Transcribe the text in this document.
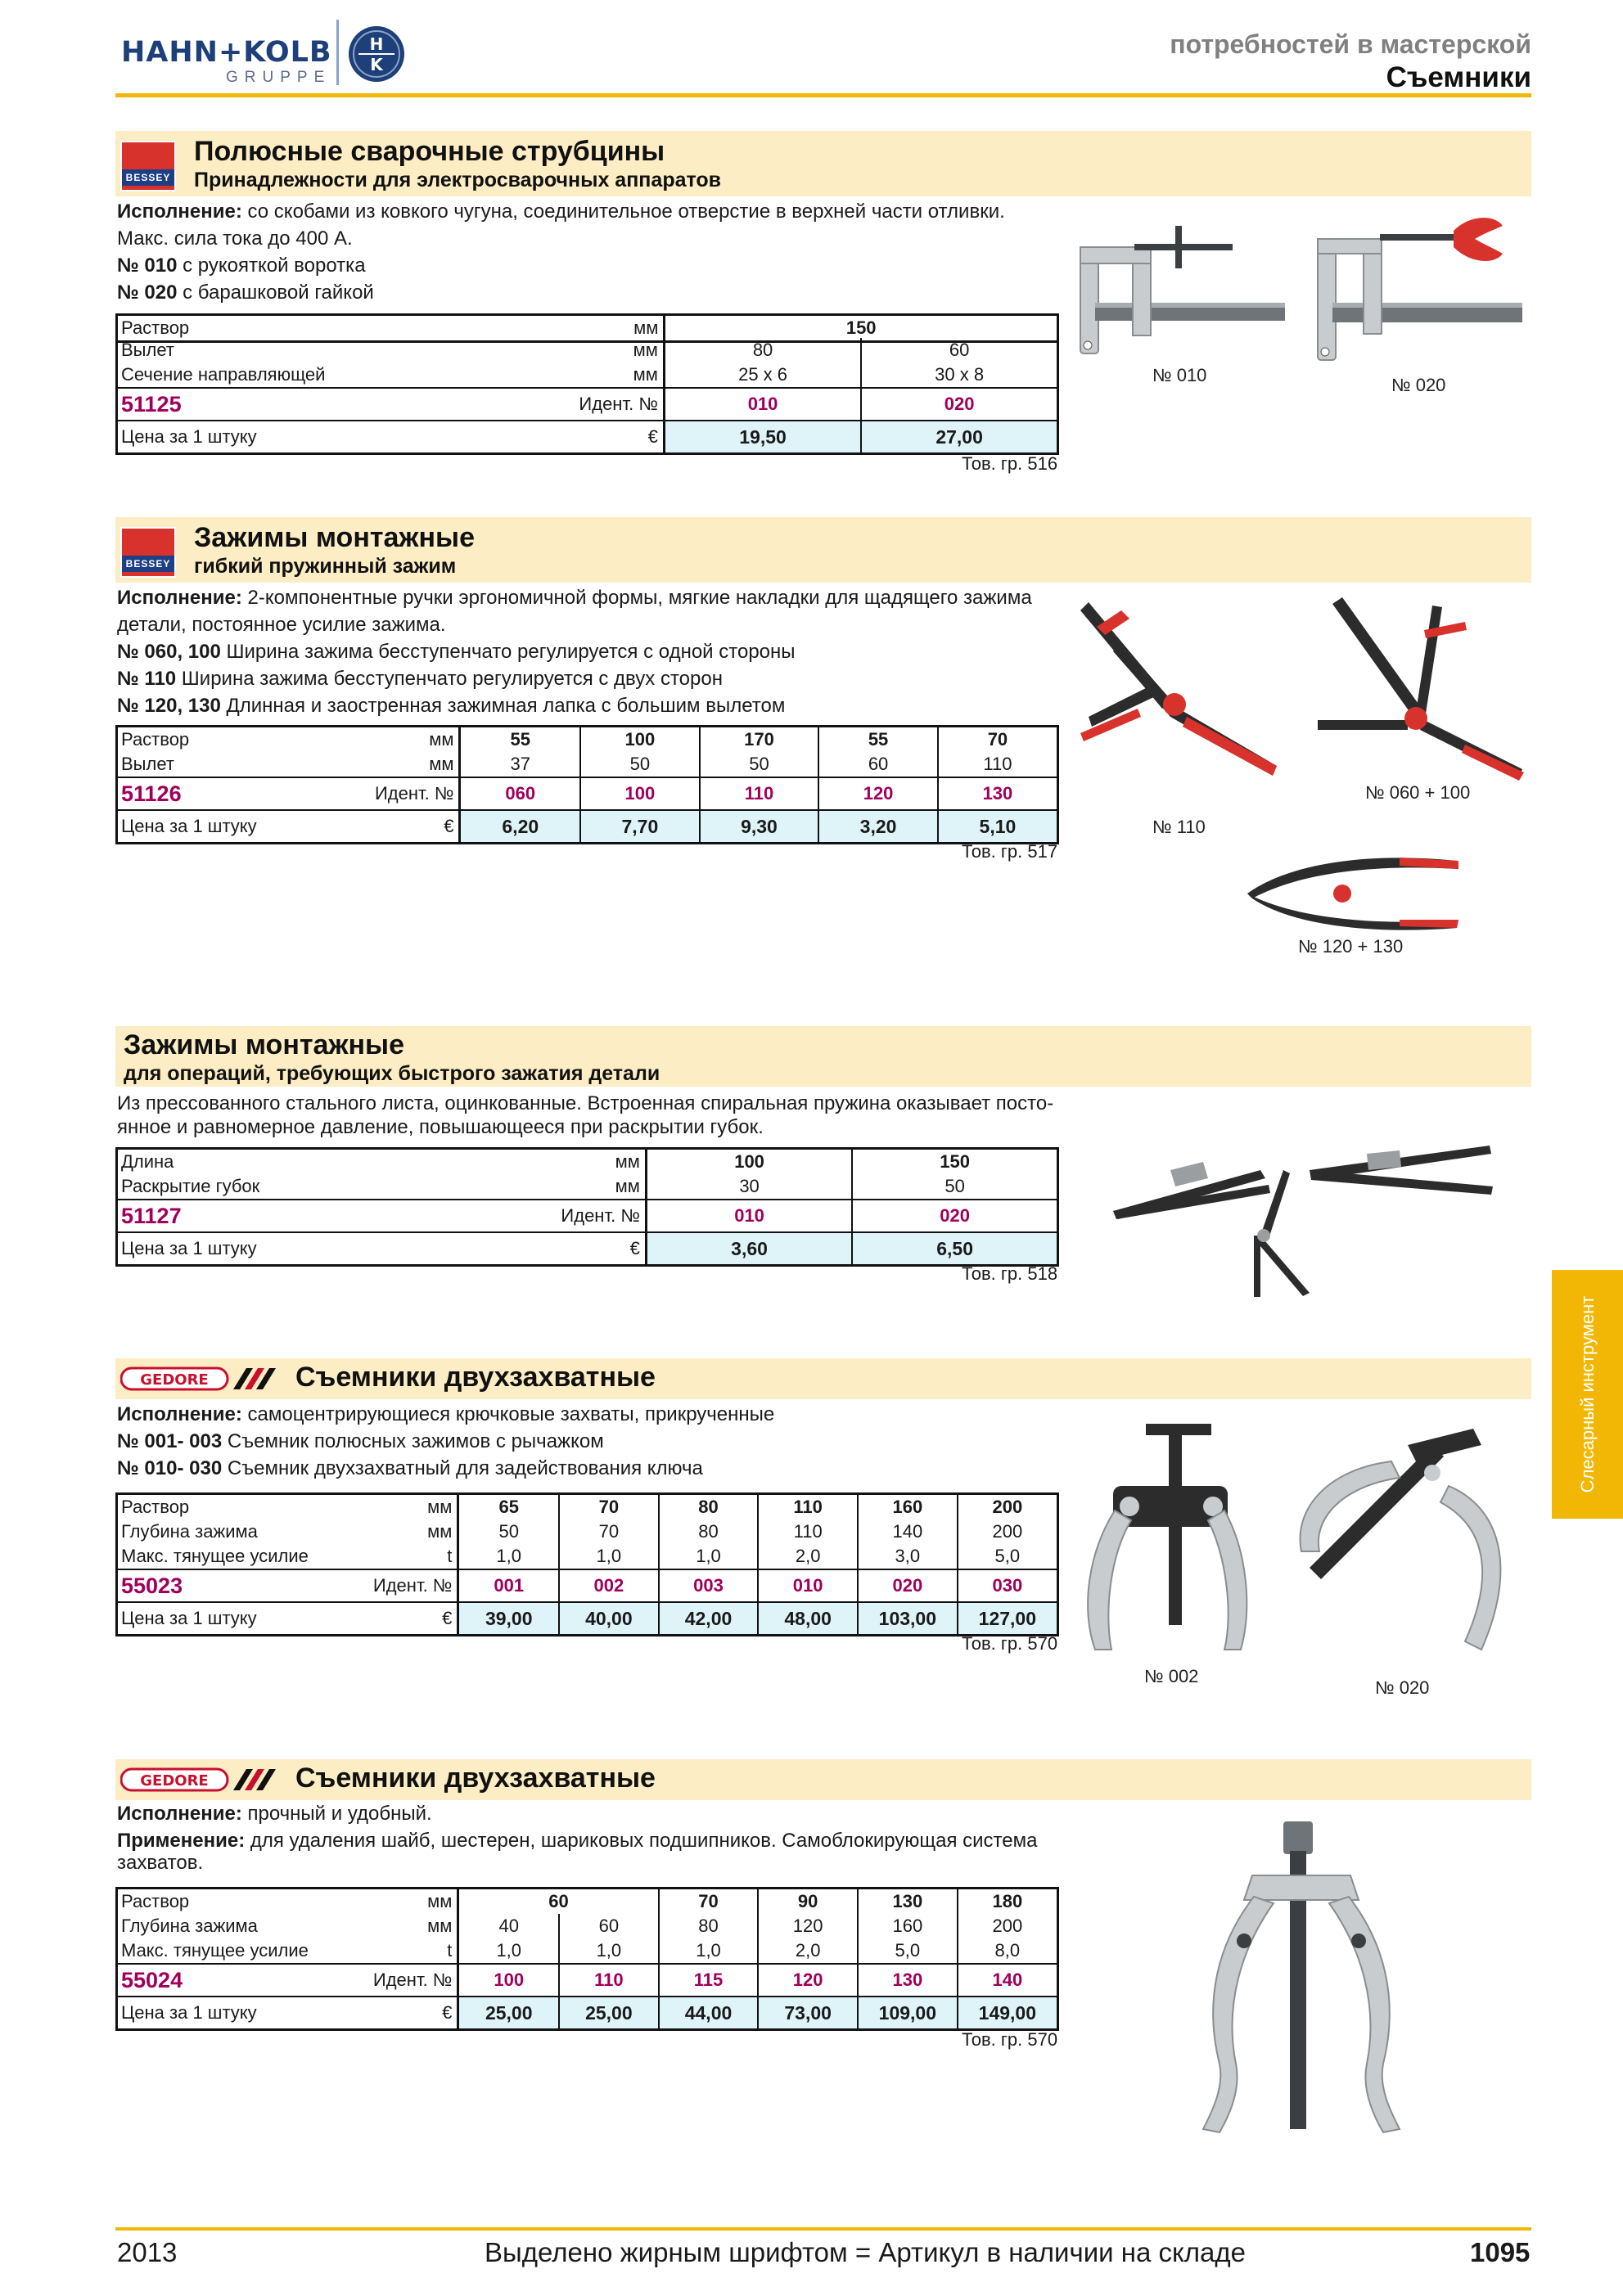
HAHN+KOLB
GRUPPE
H
K
потребностей в мастерской
Съемники
BESSEY
Полюсные сварочные струбцины
Принадлежности для электросварочных аппаратов
Исполнение: со скобами из ковкого чугуна, соединительное отверстие в верхней части отливки.
Макс. сила тока до 400 А.
№ 010 с рукояткой воротка
№ 020 с барашковой гайкой
Раствор	мм	150
Вылет мм	80	60

Сечение направляющей мм	25 x 6	30 x 8

51125 Идент. №	010	020

Цена за 1 штуку €	19,50	27,00
Тов. гр. 516
№ 010	№ 020
BESSEY
Зажимы монтажные
гибкий пружинный зажим
Исполнение: 2-компонентные ручки эргономичной формы, мягкие накладки для щадящего зажима
детали, постоянное усилие зажима.
№ 060, 100 Ширина зажима бесступенчато регулируется с одной стороны
№ 110 Ширина зажима бесступенчато регулируется с двух сторон
№ 120, 130 Длинная и заостренная зажимная лапка с большим вылетом
Раствор мм	55	100	170	55	70

Вылет мм	37	50	50	60	110

51126 Идент. №	060	100	110	120	130

Цена за 1 штуку €	6,20	7,70	9,30	3,20	5,10
Тов. гр. 517
№ 110
№ 060 + 100
№ 120 + 130
Зажимы монтажные
для операций, требующих быстрого зажатия детали
Из прессованного стального листа, оцинкованные. Встроенная спиральная пружина оказывает посто-
янное и равномерное давление, повышающееся при раскрытии губок.
Длина мм	100	150

Раскрытие губок мм	30	50

51127 Идент. №	010	020

Цена за 1 штуку €	3,60	6,50
Тов. гр. 518
GEDORE	Съемники двухзахватные
Исполнение: самоцентрирующиеся крючковые захваты, прикрученные
№ 001- 003 Съемник полюсных зажимов с рычажком
№ 010- 030 Съемник двухзахватный для задействования ключа
Раствор мм	65	70	80	110	160	200

Глубина зажима мм	50	70	80	110	140	200

Макс. тянущее усилие t	1,0	1,0	1,0	2,0	3,0	5,0

55023 Идент. №	001	002	003	010	020	030

Цена за 1 штуку €	39,00	40,00	42,00	48,00	103,00	127,00
Тов. гр. 570
№ 002
№ 020
GEDORE	Съемники двухзахватные
Исполнение: прочный и удобный.
Применение: для удаления шайб, шестерен, шариковых подшипников. Самоблокирующая система
захватов.
Раствор мм	60		70	90	130	180

Глубина зажима мм	40	60	80	120	160	200

Макс. тянущее усилие t	1,0	1,0	1,0	2,0	5,0	8,0

55024 Идент. №	100	110	115	120	130	140

Цена за 1 штуку €	25,00	25,00	44,00	73,00	109,00	149,00
Тов. гр. 570
Слесарный инструмент
2013	Выделено жирным шрифтом = Артикул в наличии на складе	1095
